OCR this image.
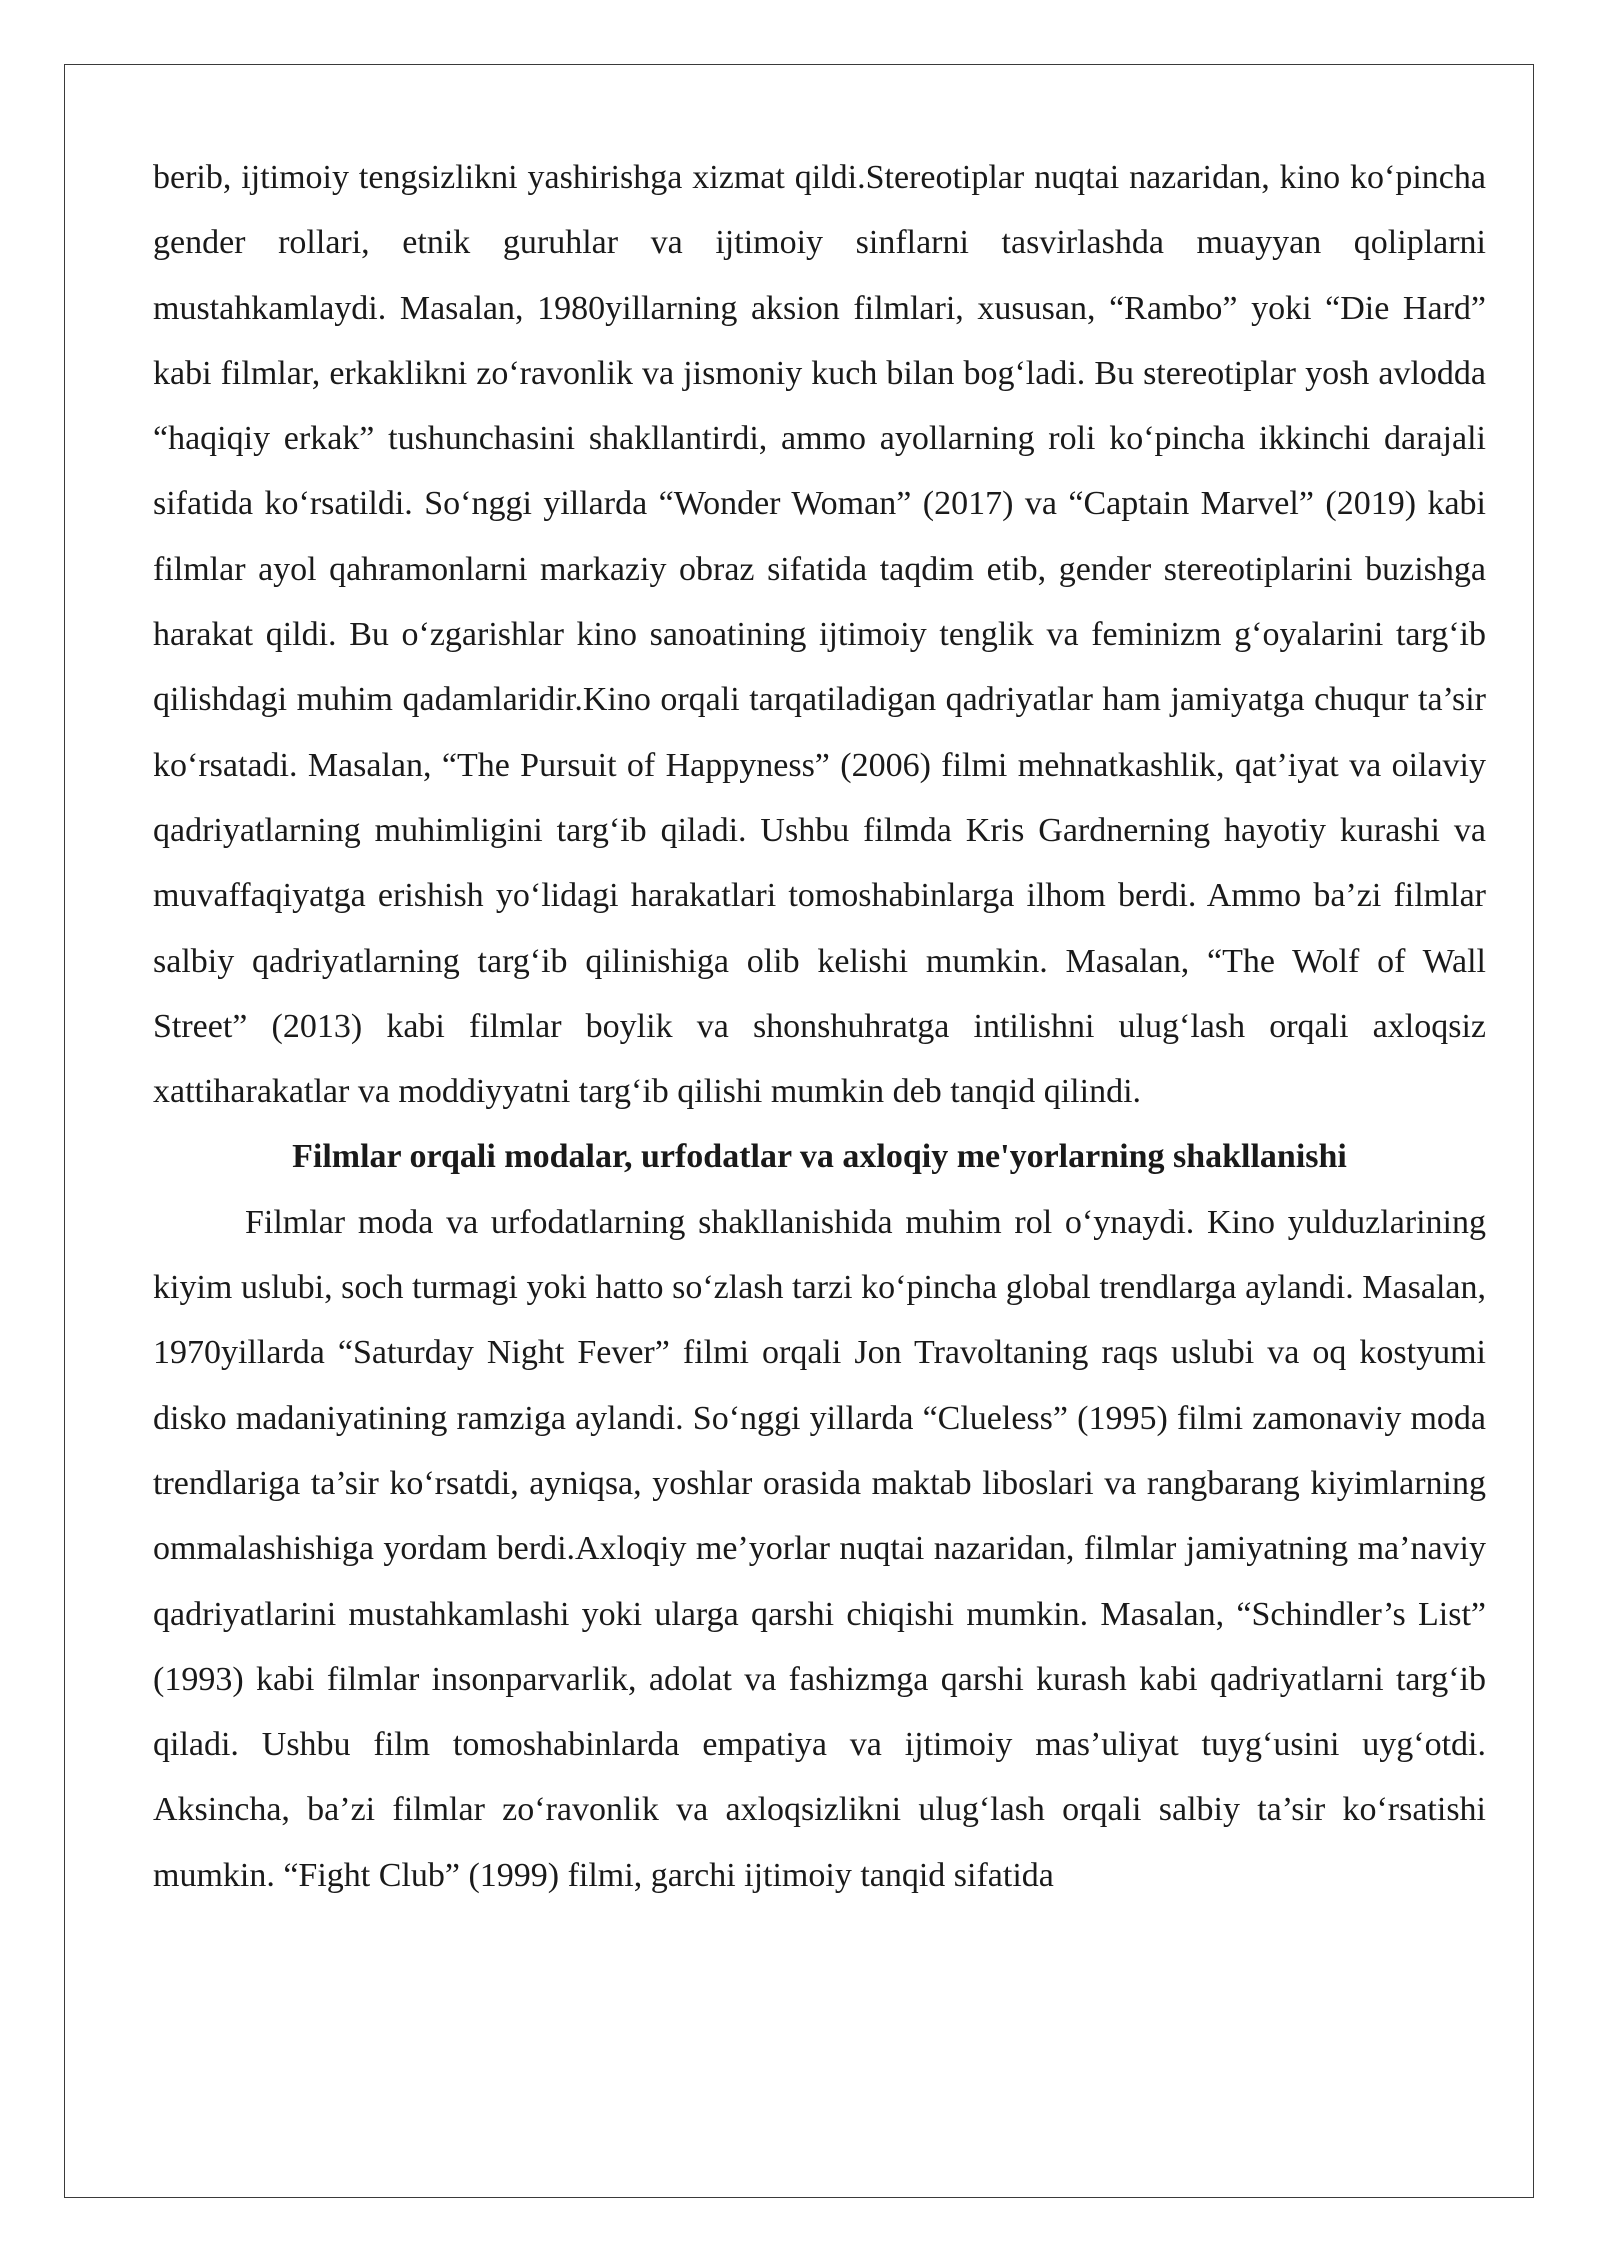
berib, ijtimoiy tengsizlikni yashirishga xizmat qildi.Stereotiplar nuqtai nazaridan, kino ko‘pincha gender rollari, etnik guruhlar va ijtimoiy sinflarni tasvirlashda muayyan qoliplarni mustahkamlaydi. Masalan, 1980yillarning aksion filmlari, xususan, “Rambo” yoki “Die Hard” kabi filmlar, erkaklikni zo‘ravonlik va jismoniy kuch bilan bog‘ladi. Bu stereotiplar yosh avlodda “haqiqiy erkak” tushunchasini shakllantirdi, ammo ayollarning roli ko‘pincha ikkinchi darajali sifatida ko‘rsatildi. So‘nggi yillarda “Wonder Woman” (2017) va “Captain Marvel” (2019) kabi filmlar ayol qahramonlarni markaziy obraz sifatida taqdim etib, gender stereotiplarini buzishga harakat qildi. Bu o‘zgarishlar kino sanoatining ijtimoiy tenglik va feminizm g‘oyalarini targ‘ib qilishdagi muhim qadamlaridir.Kino orqali tarqatiladigan qadriyatlar ham jamiyatga chuqur ta’sir ko‘rsatadi. Masalan, “The Pursuit of Happyness” (2006) filmi mehnatkashlik, qat’iyat va oilaviy qadriyatlarning muhimligini targ‘ib qiladi. Ushbu filmda Kris Gardnerning hayotiy kurashi va muvaffaqiyatga erishish yo‘lidagi harakatlari tomoshabinlarga ilhom berdi. Ammo ba’zi filmlar salbiy qadriyatlarning targ‘ib qilinishiga olib kelishi mumkin. Masalan, “The Wolf of Wall Street” (2013) kabi filmlar boylik va shonshuhratga intilishni ulug‘lash orqali axloqsiz xattiharakatlar va moddiyyatni targ‘ib qilishi mumkin deb tanqid qilindi.

Filmlar orqali modalar, urfodatlar va axloqiy me'yorlarning shakllanishi

Filmlar moda va urfodatlarning shakllanishida muhim rol o‘ynaydi. Kino yulduzlarining kiyim uslubi, soch turmagi yoki hatto so‘zlash tarzi ko‘pincha global trendlarga aylandi. Masalan, 1970yillarda “Saturday Night Fever” filmi orqali Jon Travoltaning raqs uslubi va oq kostyumi disko madaniyatining ramziga aylandi. So‘nggi yillarda “Clueless” (1995) filmi zamonaviy moda trendlariga ta’sir ko‘rsatdi, ayniqsa, yoshlar orasida maktab liboslari va rangbarang kiyimlarning ommalashishiga yordam berdi.Axloqiy me’yorlar nuqtai nazaridan, filmlar jamiyatning ma’naviy qadriyatlarini mustahkamlashi yoki ularga qarshi chiqishi mumkin. Masalan, “Schindler’s List” (1993) kabi filmlar insonparvarlik, adolat va fashizmga qarshi kurash kabi qadriyatlarni targ‘ib qiladi. Ushbu film tomoshabinlarda empatiya va ijtimoiy mas’uliyat tuyg‘usini uyg‘otdi. Aksincha, ba’zi filmlar zo‘ravonlik va axloqsizlikni ulug‘lash orqali salbiy ta’sir ko‘rsatishi mumkin. “Fight Club” (1999) filmi, garchi ijtimoiy tanqid sifatida
